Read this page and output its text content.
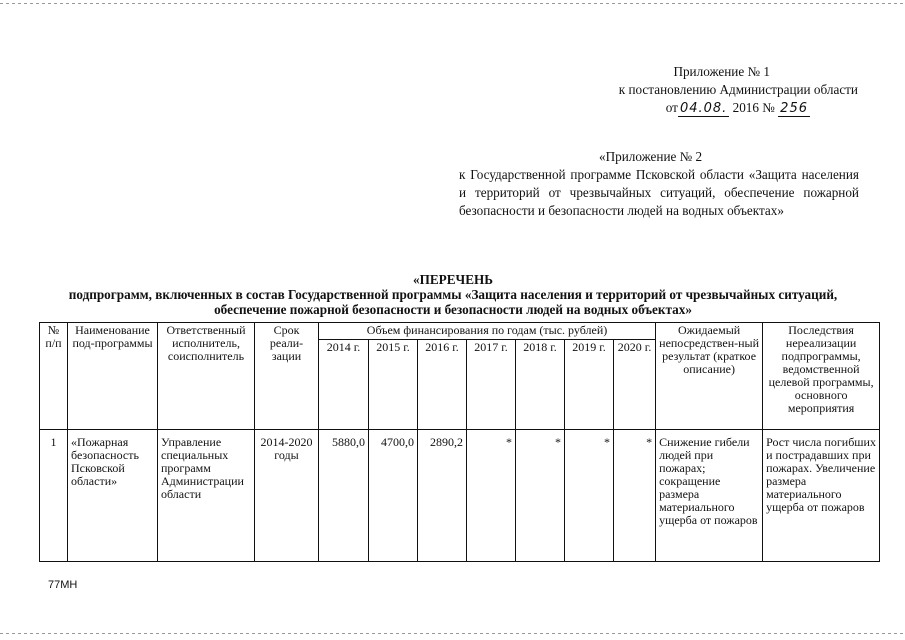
Приложение № 1
к постановлению Администрации области
от 04.08. 2016 № 256
«Приложение № 2
к Государственной программе Псковской области «Защита населения и территорий от чрезвычайных ситуаций, обеспечение пожарной безопасности и безопасности людей на водных объектах»
«ПЕРЕЧЕНЬ
подпрограмм, включенных в состав Государственной программы «Защита населения и территорий от чрезвычайных ситуаций, обеспечение пожарной безопасности и безопасности людей на водных объектах»
№ п/п	Наименование под-программы	Ответственный исполнитель, соисполнитель	Срок реали-зации	Объем финансирования по годам (тыс. рублей)							Ожидаемый непосредствен-ный результат (краткое описание)	Последствия нереализации подпрограммы, ведомственной целевой программы, основного мероприятия
				2014 г.	2015 г.	2016 г.	2017 г.	2018 г.	2019 г.	2020 г.		
1	«Пожарная безопасность Псковской области»	Управление специальных программ Администрации области	2014-2020 годы	5880,0	4700,0	2890,2	*	*	*	*	Снижение гибели людей при пожарах; сокращение размера материального ущерба от пожаров	Рост числа погибших и пострадавших при пожарах. Увеличение размера материального ущерба от пожаров
77МН
